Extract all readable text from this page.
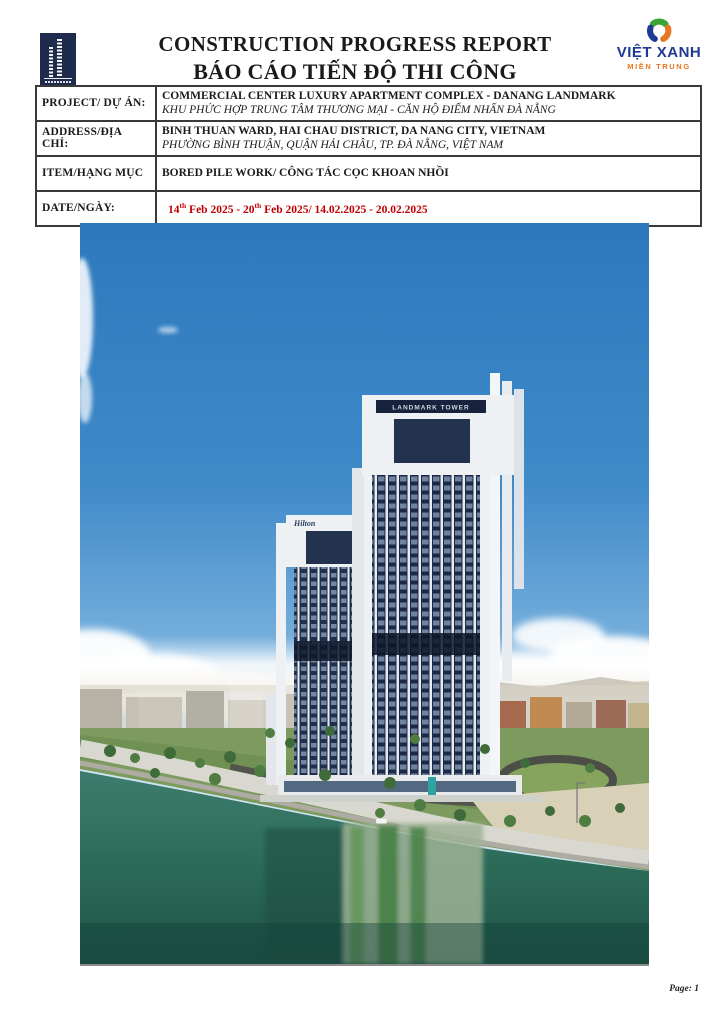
CONSTRUCTION PROGRESS REPORT
BÁO CÁO TIẾN ĐỘ THI CÔNG
VIỆT XANH
MIỀN TRUNG
PROJECT/ DỰ ÁN:	COMMERCIAL CENTER LUXURY APARTMENT COMPLEX - DANANG LANDMARK
KHU PHỨC HỢP TRUNG TÂM THƯƠNG MẠI - CĂN HỘ ĐIỂM NHẤN ĐÀ NẴNG

ADDRESS/ĐỊA CHỈ:	BINH THUAN WARD, HAI CHAU DISTRICT, DA NANG CITY, VIETNAM
PHƯỜNG BÌNH THUẬN, QUẬN HẢI CHÂU, TP. ĐÀ NẴNG, VIỆT NAM

ITEM/HẠNG MỤC	BORED PILE WORK/ CÔNG TÁC CỌC KHOAN NHỒI

DATE/NGÀY:	14th Feb 2025 - 20th Feb 2025/ 14.02.2025 - 20.02.2025
Hilton
LANDMARK TOWER
Page: 1
